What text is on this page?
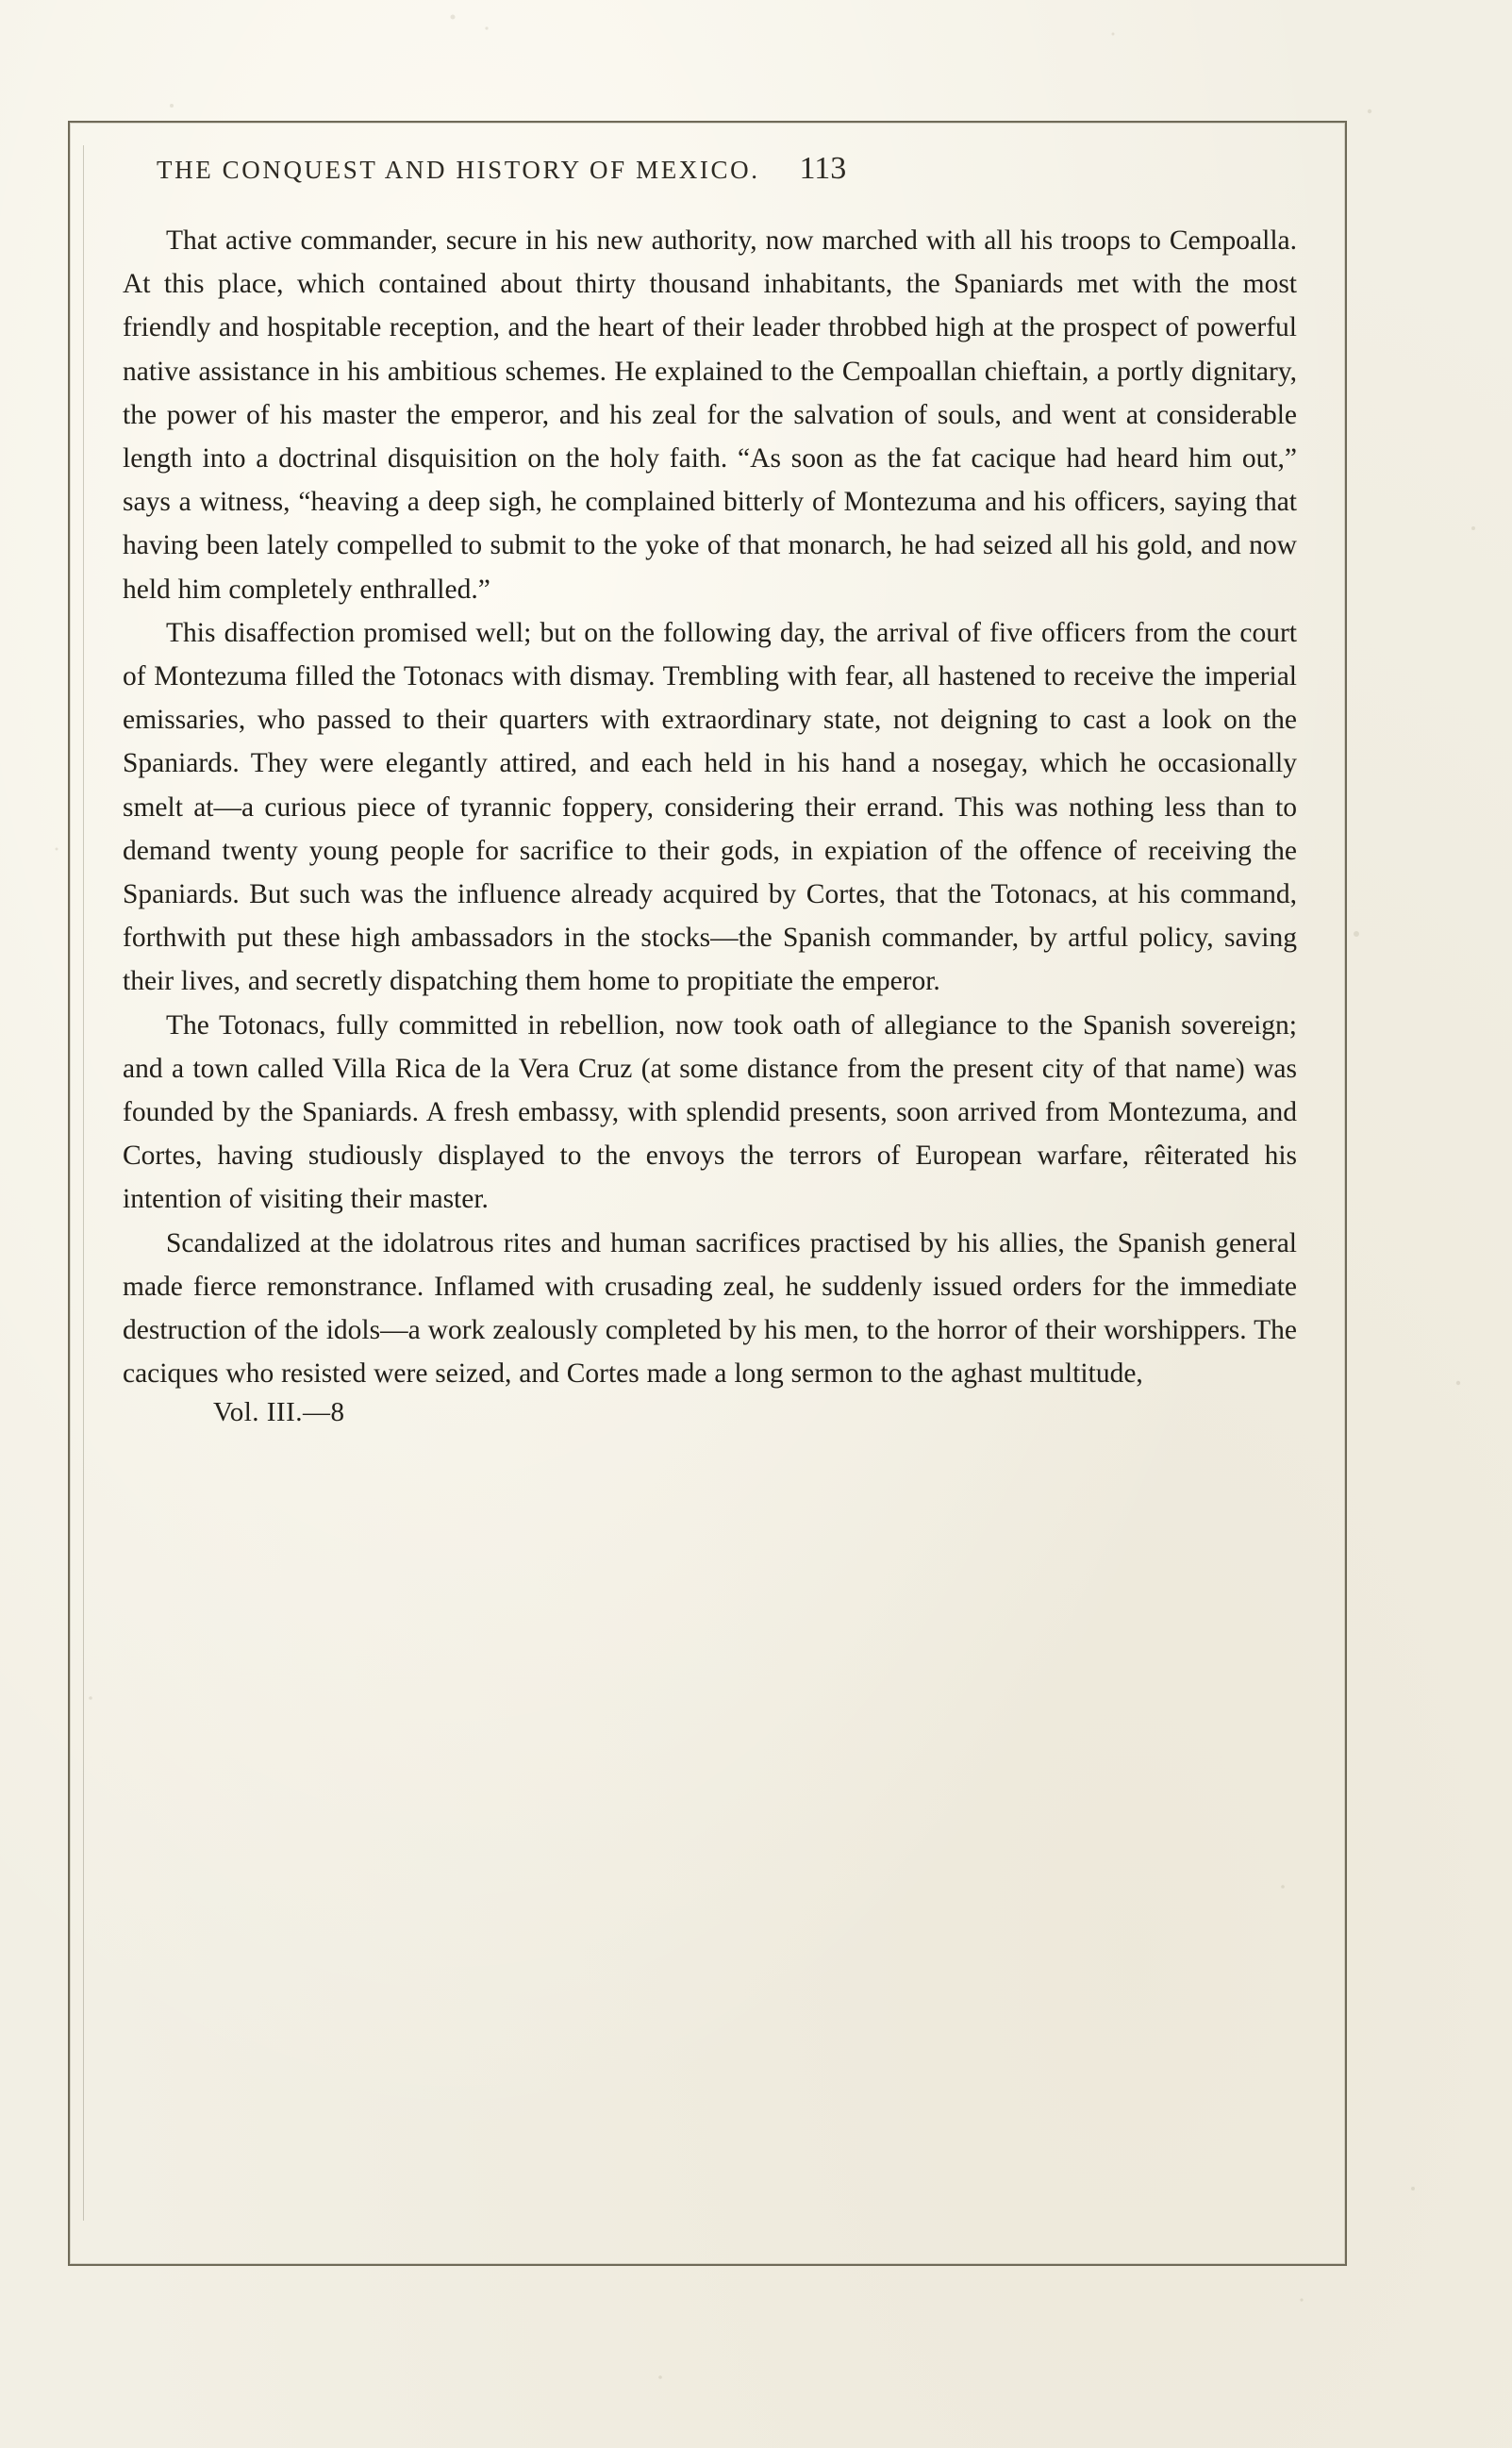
THE CONQUEST AND HISTORY OF MEXICO. 113

That active commander, secure in his new authority, now marched with all his troops to Cempoalla. At this place, which contained about thirty thousand inhabitants, the Spaniards met with the most friendly and hospitable reception, and the heart of their leader throbbed high at the prospect of powerful native assistance in his ambitious schemes. He explained to the Cempoallan chieftain, a portly dignitary, the power of his master the emperor, and his zeal for the salvation of souls, and went at considerable length into a doctrinal disquisition on the holy faith. “As soon as the fat cacique had heard him out,” says a witness, “heaving a deep sigh, he complained bitterly of Montezuma and his officers, saying that having been lately compelled to submit to the yoke of that monarch, he had seized all his gold, and now held him completely enthralled.”

This disaffection promised well; but on the following day, the arrival of five officers from the court of Montezuma filled the Totonacs with dismay. Trembling with fear, all hastened to receive the imperial emissaries, who passed to their quarters with extraordinary state, not deigning to cast a look on the Spaniards. They were elegantly attired, and each held in his hand a nosegay, which he occasionally smelt at—a curious piece of tyrannic foppery, considering their errand. This was nothing less than to demand twenty young people for sacrifice to their gods, in expiation of the offence of receiving the Spaniards. But such was the influence already acquired by Cortes, that the Totonacs, at his command, forthwith put these high ambassadors in the stocks—the Spanish commander, by artful policy, saving their lives, and secretly dispatching them home to propitiate the emperor.

The Totonacs, fully committed in rebellion, now took oath of allegiance to the Spanish sovereign; and a town called Villa Rica de la Vera Cruz (at some distance from the present city of that name) was founded by the Spaniards. A fresh embassy, with splendid presents, soon arrived from Montezuma, and Cortes, having studiously displayed to the envoys the terrors of European warfare, rêiterated his intention of visiting their master.

Scandalized at the idolatrous rites and human sacrifices practised by his allies, the Spanish general made fierce remonstrance. Inflamed with crusading zeal, he suddenly issued orders for the immediate destruction of the idols—a work zealously completed by his men, to the horror of their worshippers. The caciques who resisted were seized, and Cortes made a long sermon to the aghast multitude,

Vol. III.—8
